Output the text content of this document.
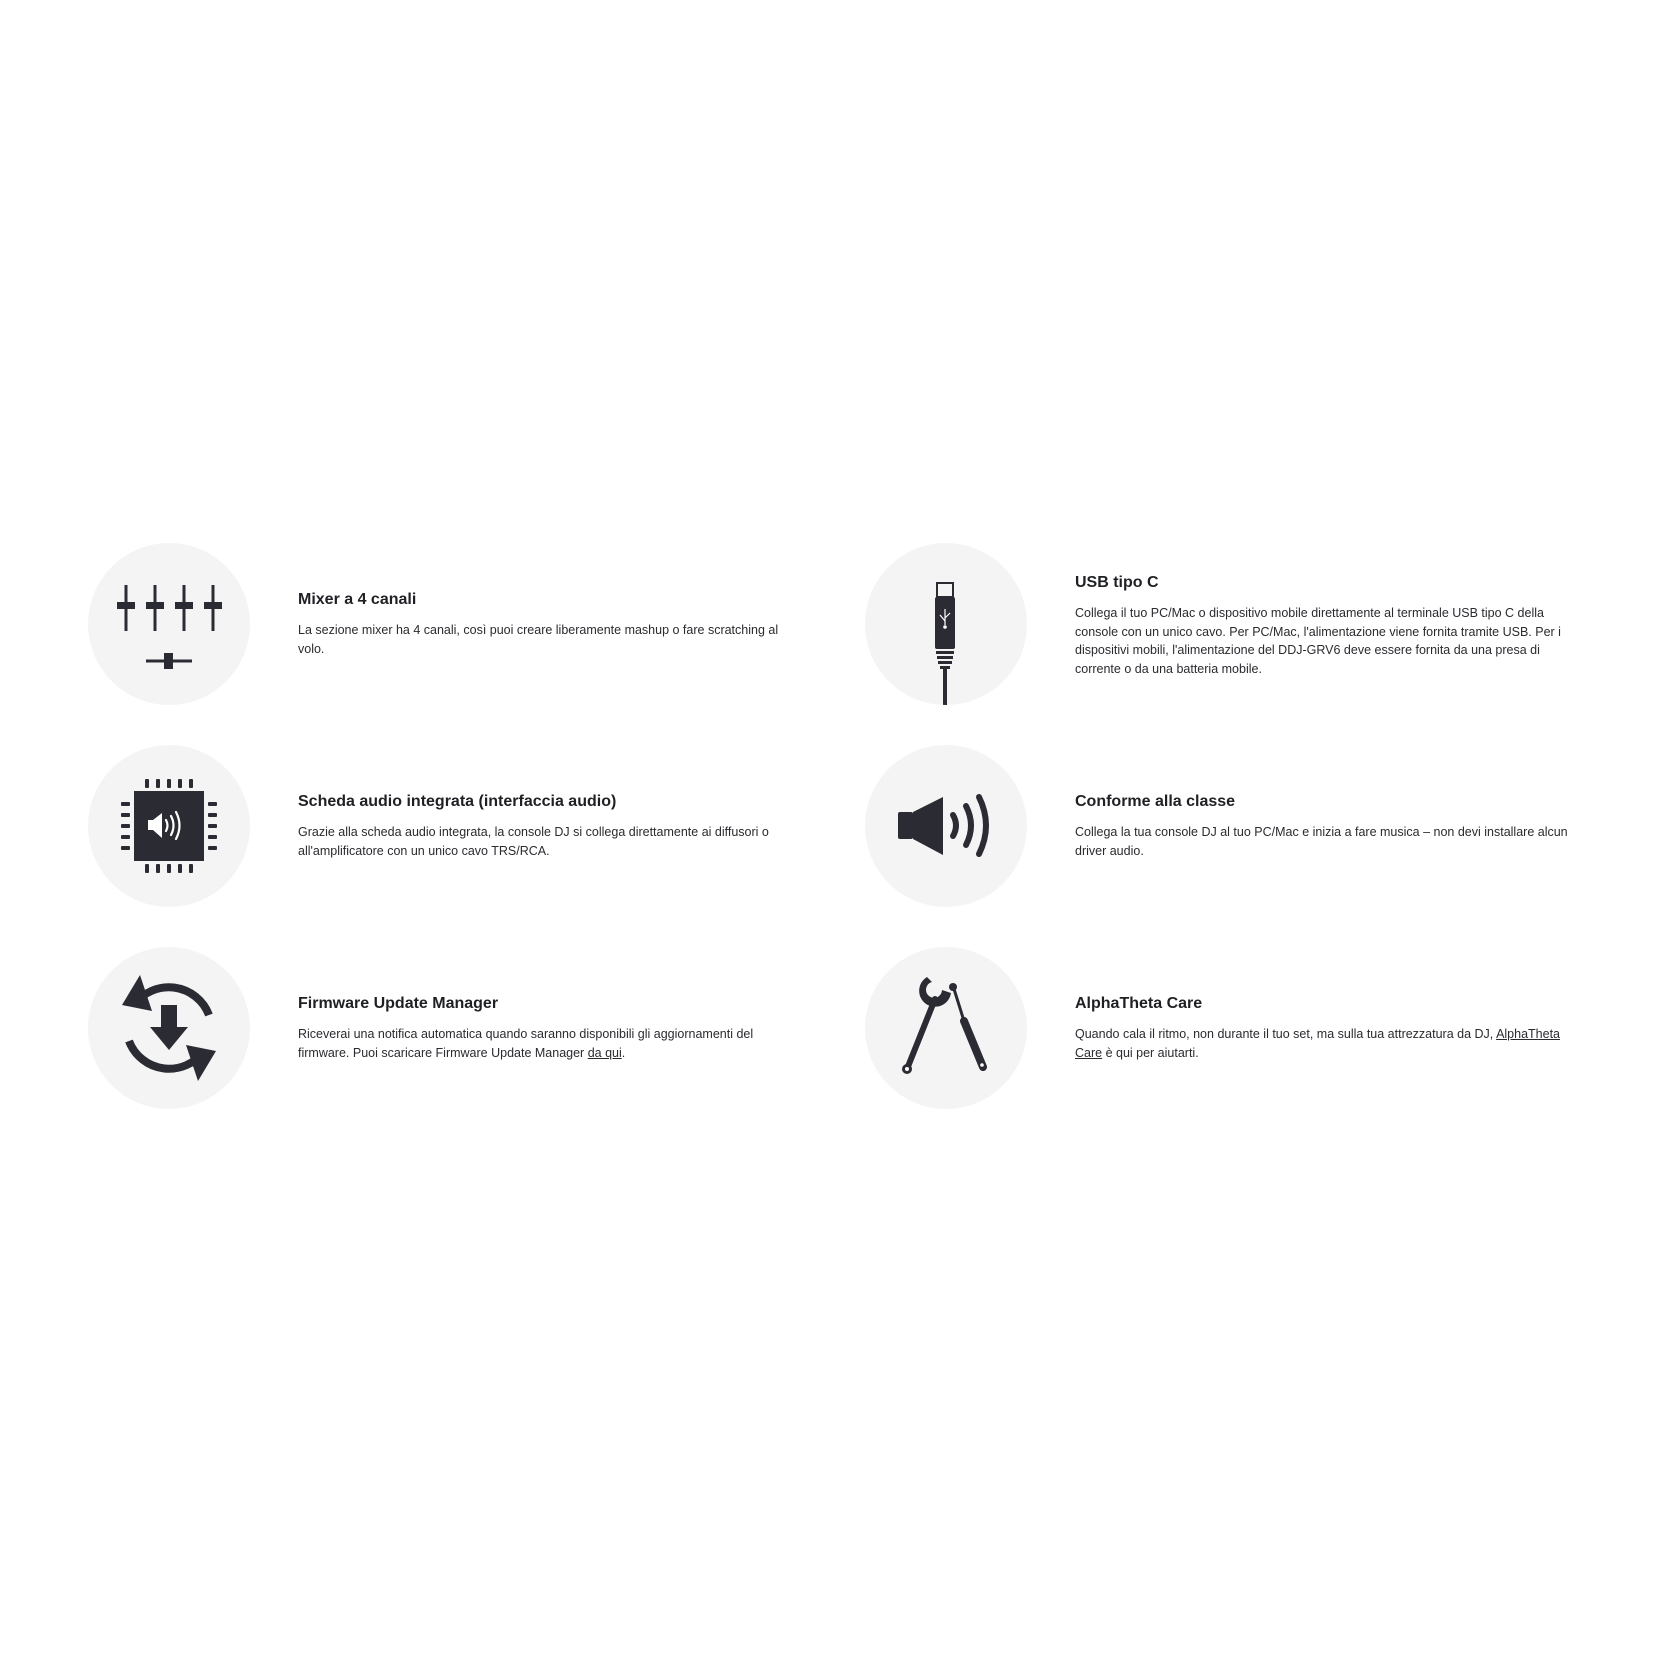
Mixer a 4 canali

La sezione mixer ha 4 canali, così puoi creare liberamente mashup o fare scratching al volo.

USB tipo C

Collega il tuo PC/Mac o dispositivo mobile direttamente al terminale USB tipo C della console con un unico cavo. Per PC/Mac, l'alimentazione viene fornita tramite USB. Per i dispositivi mobili, l'alimentazione del DDJ-GRV6 deve essere fornita da una presa di corrente o da una batteria mobile.

Scheda audio integrata (interfaccia audio)

Grazie alla scheda audio integrata, la console DJ si collega direttamente ai diffusori o all'amplificatore con un unico cavo TRS/RCA.

Conforme alla classe

Collega la tua console DJ al tuo PC/Mac e inizia a fare musica – non devi installare alcun driver audio.

Firmware Update Manager

Riceverai una notifica automatica quando saranno disponibili gli aggiornamenti del firmware. Puoi scaricare Firmware Update Manager da qui.

AlphaTheta Care

Quando cala il ritmo, non durante il tuo set, ma sulla tua attrezzatura da DJ, AlphaTheta Care è qui per aiutarti.
